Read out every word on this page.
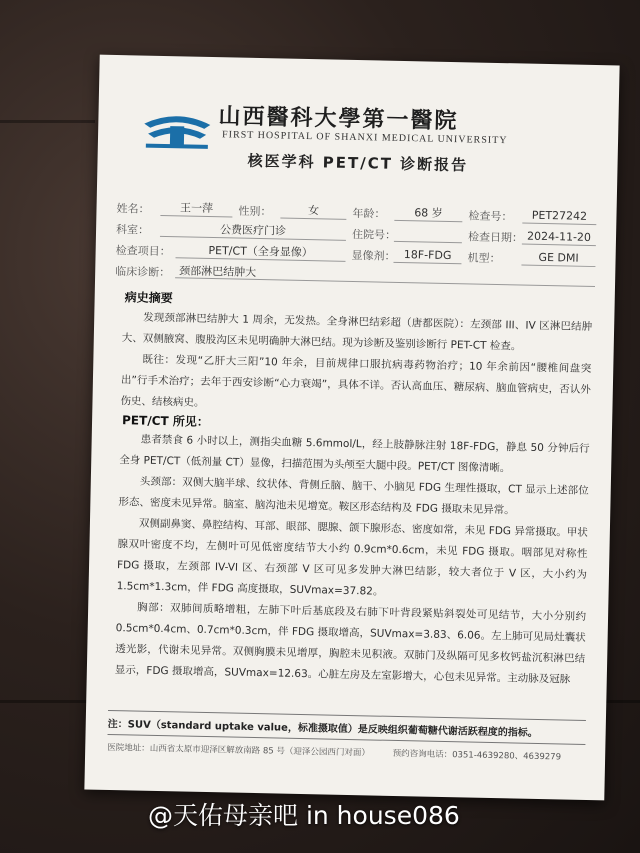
山西醫科大學第一醫院
FIRST HOSPITAL OF SHANXI MEDICAL UNIVERSITY
核医学科 PET/CT 诊断报告
姓名：	王一萍	性别：	女	年龄：	68 岁	检查号：	PET27242
科室：	公费医疗门诊	住院号：	检查日期： 2024-11-20
检查项目：	PET/CT（全身显像）	显像剂： 18F-FDG	机型：	GE DMI
临床诊断： 颈部淋巴结肿大
病史摘要

发现颈部淋巴结肿大 1 周余，无发热。全身淋巴结彩超（唐都医院）：左颈部 III、IV 区淋巴结肿大、双侧腋窝、腹股沟区未见明确肿大淋巴结。现为诊断及鉴别诊断行 PET-CT 检查。

既往：发现“乙肝大三阳”10 年余，目前规律口服抗病毒药物治疗；10 年余前因“腰椎间盘突出”行手术治疗；去年于西安诊断“心力衰竭”，具体不详。否认高血压、糖尿病、脑血管病史，否认外伤史、结核病史。

PET/CT 所见：

患者禁食 6 小时以上，测指尖血糖 5.6mmol/L，经上肢静脉注射 18F-FDG，静息 50 分钟后行全身 PET/CT（低剂量 CT）显像，扫描范围为头颅至大腿中段。PET/CT 图像清晰。

头颈部：双侧大脑半球、纹状体、背侧丘脑、脑干、小脑见 FDG 生理性摄取，CT 显示上述部位形态、密度未见异常。脑室、脑沟池未见增宽。鞍区形态结构及 FDG 摄取未见异常。

双侧副鼻窦、鼻腔结构、耳部、眼部、腮腺、颌下腺形态、密度如常，未见 FDG 异常摄取。甲状腺双叶密度不均，左侧叶可见低密度结节大小约 0.9cm*0.6cm，未见 FDG 摄取。咽部见对称性 FDG 摄取，左颈部 IV-VI 区、右颈部 V 区可见多发肿大淋巴结影，较大者位于 V 区，大小约为 1.5cm*1.3cm，伴 FDG 高度摄取，SUVmax=37.82。

胸部：双肺间质略增粗，左肺下叶后基底段及右肺下叶背段紧贴斜裂处可见结节，大小分别约 0.5cm*0.4cm、0.7cm*0.3cm，伴 FDG 摄取增高，SUVmax=3.83、6.06。左上肺可见局灶囊状透光影，代谢未见异常。双侧胸膜未见增厚，胸腔未见积液。双肺门及纵隔可见多枚钙盐沉积淋巴结显示，FDG 摄取增高，SUVmax=12.63。心脏左房及左室影增大，心包未见异常。主动脉及冠脉

注：SUV（standard uptake value，标准摄取值）是反映组织葡萄糖代谢活跃程度的指标。
医院地址：山西省太原市迎泽区解放南路 85 号（迎泽公园西门对面）	预约咨询电话：0351-4639280、4639279
@天佑母亲吧 in house086
